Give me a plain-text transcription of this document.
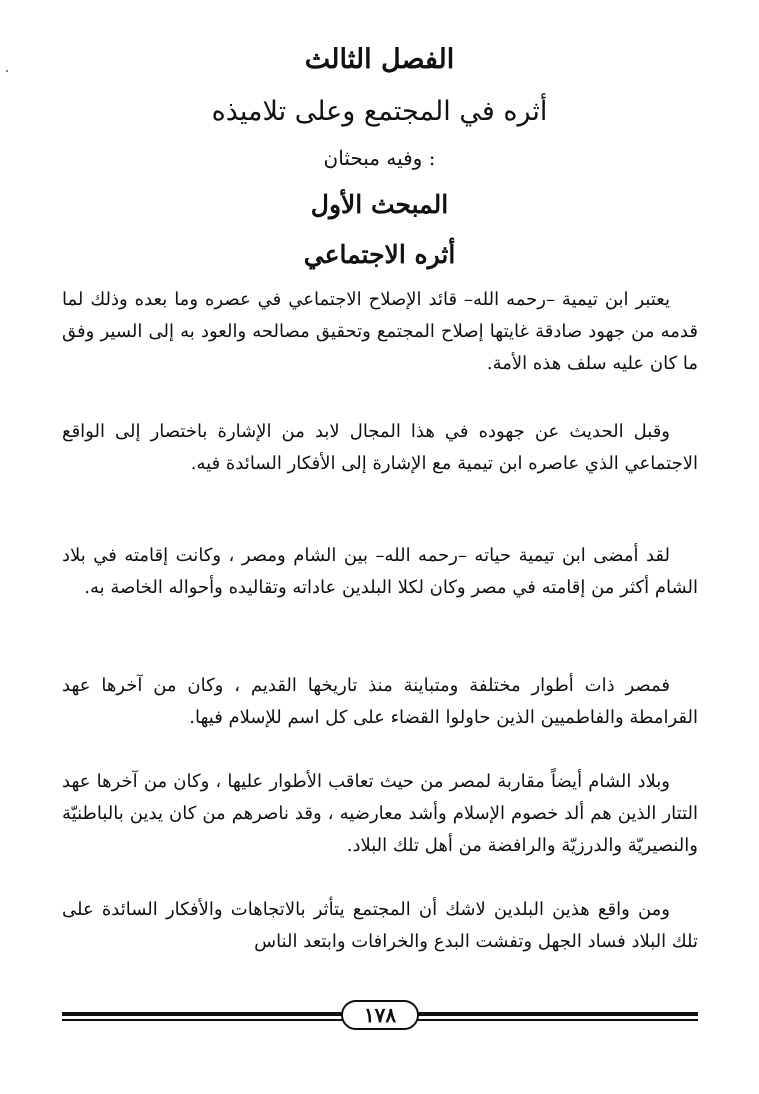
الفصل الثالث
أثره في المجتمع وعلى تلاميذه
وفيه مبحثان :
المبحث الأول
أثره الاجتماعي

يعتبر ابن تيمية –رحمه الله– قائد الإصلاح الاجتماعي في عصره وما بعده وذلك لما قدمه من جهود صادقة غايتها إصلاح المجتمع وتحقيق مصالحه والعود به إلى السير وفق ما كان عليه سلف هذه الأمة.

وقبل الحديث عن جهوده في هذا المجال لابد من الإشارة باختصار إلى الواقع الاجتماعي الذي عاصره ابن تيمية مع الإشارة إلى الأفكار السائدة فيه.

لقد أمضى ابن تيمية حياته –رحمه الله– بين الشام ومصر ، وكانت إقامته في بلاد الشام أكثر من إقامته في مصر وكان لكلا البلدين عاداته وتقاليده وأحواله الخاصة به.

فمصر ذات أطوار مختلفة ومتباينة منذ تاريخها القديم ، وكان من آخرها عهد القرامطة والفاطميين الذين حاولوا القضاء على كل اسم للإسلام فيها.

وبلاد الشام أيضاً مقاربة لمصر من حيث تعاقب الأطوار عليها ، وكان من آخرها عهد التتار الذين هم ألد خصوم الإسلام وأشد معارضيه ، وقد ناصرهم من كان يدين بالباطنيّة والنصيريّة والدرزيّة والرافضة من أهل تلك البلاد.

ومن واقع هذين البلدين لاشك أن المجتمع يتأثر بالاتجاهات والأفكار السائدة على تلك البلاد فساد الجهل وتفشت البدع والخرافات وابتعد الناس

١٧٨
